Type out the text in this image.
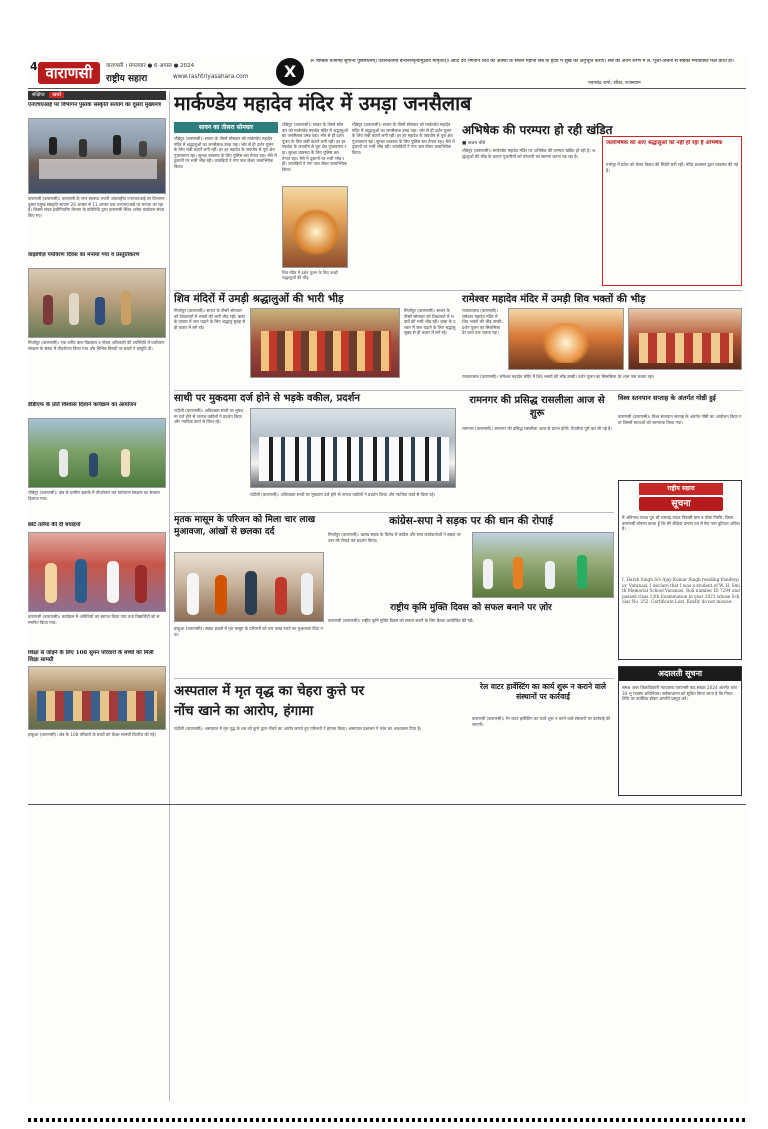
4 वाराणसी	वाराणसी । मंगलवार ● 6 अगस्त ● 2024
राष्ट्रीय सहारा	www.rashtriyasahara.com	X
ॐ त्र्यम्बकं यजामहे सुगन्धिं पुष्टिवर्धनम्। उर्वारुकमिव बन्धनान्मृत्योर्मुक्षीय मामृतात्॥ आदि देव भगवान शिव की आस्था के सावन महीना सब के हृदय में सुख की अनुभूति कराए। सब को अपने शरण में लें, पूजा-अर्चना से सबको मनवांछित फल प्राप्त हो।
पवनचंद्र शर्मा, सीठा, राजस्थान
संक्षिप्त खबरें
एनएचएआई पर विभागन पुस्तक संस्कृति सत्याग का दूसरा मुख्यमंत्र
वाराणसी (वाराणसी)। वाराणसी के नगर स्वास्थ्य भवनी आंतराष्ट्रीय एनएचएआई पर विभागन दूसरा प्रमुख संस्कृति सत्याग 26 अगस्त से 11 अगस्त तक एनएचएआई पर मनाया जा रहा है। जिसमें संपन्न इंजीनियरिंग विभाग के प्रतिनिधि द्वारा वाराणसी स्थित अनेक कार्यक्रम संपन्न किए गए।
वाइडचेंज़ पर्यावरण दिवस का मनाया गया व प्रस्तुतिकरण
मिर्जापुर (वाराणसी)। एक वनीय बाल विद्यालय व नोडल अधिकारी की उपस्थिति में पर्यावरण संरक्षण के संबंध में पौधरोपण किया गया और विभिन्न विषयों पर बच्चों ने प्रस्तुति दी।
डीडीएफ के प्रति विश्वास दिलाने कार्यक्रम का आयोजन
चौबेपुर (वाराणसी)। क्षेत्र के ग्रामीण इलाके में पौधरोपण कर पर्यावरण संरक्षण का संकल्प दिलाया गया।
छोटे तलैया की दी बधाइयाँ
वाराणसी (वाराणसी)। कार्यक्रम में अतिथियों का स्वागत किया गया तथा विद्यार्थियों को सम्मानित किया गया।
शिक्षा से जोड़ने के लिए 108 सुमन परिवारों के बच्चों को मिली शिक्षा सामग्री
हरहुआ (वाराणसी)। क्षेत्र के 108 परिवारों के बच्चों को शिक्षा सामग्री वितरित की गई।
मार्कण्डेय महादेव मंदिर में उमड़ा जनसैलाब
सावन का तीसरा सोमवार
चौबेपुर (वाराणसी)। सावन के तीसरे सोमवार को मार्कण्डेय महादेव मंदिर में श्रद्धालुओं का जनसैलाब उमड़ पड़ा। भोर से ही दर्शन पूजन के लिए लंबी कतारें लगी रहीं। हर हर महादेव के जयघोष से पूरा क्षेत्र गुंजायमान रहा। सुरक्षा व्यवस्था के लिए पुलिस बल तैनात रहा। मेले में दुकानों पर भारी भीड़ रही। कांवड़ियों ने गंगा जल लेकर जलाभिषेक किया।
चौबेपुर (वाराणसी)। सावन के तीसरे सोमवार को मार्कण्डेय महादेव मंदिर में श्रद्धालुओं का जनसैलाब उमड़ पड़ा। भोर से ही दर्शन पूजन के लिए लंबी कतारें लगी रहीं। हर हर महादेव के जयघोष से पूरा क्षेत्र गुंजायमान रहा। सुरक्षा व्यवस्था के लिए पुलिस बल तैनात रहा। मेले में दुकानों पर भारी भीड़ रही। कांवड़ियों ने गंगा जल लेकर जलाभिषेक किया।
शिव मंदिर में दर्शन पूजन के लिए उमड़ी श्रद्धालुओं की भीड़
चौबेपुर (वाराणसी)। सावन के तीसरे सोमवार को मार्कण्डेय महादेव मंदिर में श्रद्धालुओं का जनसैलाब उमड़ पड़ा। भोर से ही दर्शन पूजन के लिए लंबी कतारें लगी रहीं। हर हर महादेव के जयघोष से पूरा क्षेत्र गुंजायमान रहा। सुरक्षा व्यवस्था के लिए पुलिस बल तैनात रहा। मेले में दुकानों पर भारी भीड़ रही। कांवड़ियों ने गंगा जल लेकर जलाभिषेक किया।
अभिषेक की परम्परा हो रही खंडित
■ अजय चौबे
चौबेपुर (वाराणसी)। मार्कण्डेय महादेव मंदिर पर अभिषेक की परम्परा खंडित हो रही है। श्रद्धालुओं की भीड़ के कारण पुजारियों को परेशानी का सामना करना पड़ रहा है।
जलाभिषेक को आए श्रद्धालुओं को नहीं हो रहा है अभिषेक
गर्भगृह में प्रवेश को लेकर विवाद की स्थिति बनी रही। मंदिर प्रशासन द्वारा व्यवस्था की गई है।
शिव मंदिरों में उमड़ी श्रद्धालुओं की भारी भीड़
मिर्जापुर (वाराणसी)। सावन के तीसरे सोमवार को शिवालयों में भक्तों की भारी भीड़ रही। बाबा के दरबार में जल चढ़ाने के लिए श्रद्धालु सुबह से ही कतार में लगे रहे।
मिर्जापुर (वाराणसी)। सावन के तीसरे सोमवार को शिवालयों में भक्तों की भारी भीड़ रही। बाबा के दरबार में जल चढ़ाने के लिए श्रद्धालु सुबह से ही कतार में लगे रहे।
रामेश्वर महादेव मंदिर में उमड़ी शिव भक्तों की भीड़
राजातालाब (वाराणसी)। रामेश्वर महादेव मंदिर में शिव भक्तों की भीड़ उमड़ी। दर्शन पूजन का सिलसिला देर शाम तक चलता रहा।
राजातालाब (वाराणसी)। रामेश्वर महादेव मंदिर में शिव भक्तों की भीड़ उमड़ी। दर्शन पूजन का सिलसिला देर शाम तक चलता रहा।
साथी पर मुकदमा दर्ज होने से भड़के वकील, प्रदर्शन
चंदौली (वाराणसी)। अधिवक्ता साथी पर मुकदमा दर्ज होने से नाराज वकीलों ने प्रदर्शन किया और न्यायिक कार्य से विरत रहे।
चंदौली (वाराणसी)। अधिवक्ता साथी पर मुकदमा दर्ज होने से नाराज वकीलों ने प्रदर्शन किया और न्यायिक कार्य से विरत रहे।
रामनगर की प्रसिद्ध रासलीला आज से शुरू
रामनगर (वाराणसी)। रामनगर की प्रसिद्ध रासलीला आज से प्रारंभ होगी। तैयारियां पूरी कर ली गई हैं।
विश्व स्तनपान सप्ताह के अंतर्गत गोष्ठी हुई
वाराणसी (वाराणसी)। विश्व स्तनपान सप्ताह के अंतर्गत गोष्ठी का आयोजन किया गया जिसमें माताओं को जागरूक किया गया।
राष्ट्रीय सहारा
सूचना
मैं अविनाश यादव पुत्र श्री रामचंद्र यादव निवासी ग्राम व पोस्ट पिसौर, जिला वाराणसी घोषणा करता हूँ कि मेरे शैक्षिक प्रमाण पत्र में मेरा नाम त्रुटिवश अंकित है।
I, Harsh Singh S/o Ajay Kumar Singh residing Pandeypur, Varanasi. I declare that I was a student of W. H. Smith Memorial School Varanasi, Roll number ID 7294 and passed class 12th Examination in year 2023 whose Scholar No. 252. Certificate Lost. Kindly do not misuse.
अदालती सूचना
समक्ष अपर जिलाधिकारी न्यायालय वाराणसी वाद संख्या 2024 अंतर्गत धारा 34 भू राजस्व अधिनियम। सर्वसाधारण को सूचित किया जाता है कि नियत तिथि पर उपस्थित होकर आपत्ति प्रस्तुत करें।
मृतक मासूम के परिजन को मिला चार लाख मुआवजा, आंखों से छलका दर्द
हरहुआ (वाराणसी)। सड़क हादसे में मृत मासूम के परिजनों को चार लाख रुपये का मुआवजा दिया गया।
कांग्रेस-सपा ने सड़क पर की धान की रोपाई
मिर्जापुर (वाराणसी)। खराब सड़क के विरोध में कांग्रेस और सपा कार्यकर्ताओं ने सड़क पर धान की रोपाई कर प्रदर्शन किया।
राष्ट्रीय कृमि मुक्ति दिवस को सफल बनाने पर ज़ोर
वाराणसी (वाराणसी)। राष्ट्रीय कृमि मुक्ति दिवस को सफल बनाने के लिए बैठक आयोजित की गई।
अस्पताल में मृत वृद्ध का चेहरा कुत्ते पर
नोंच खाने का आरोप, हंगामा
चंदौली (वाराणसी)। अस्पताल में मृत वृद्ध के शव को कुत्ते द्वारा नोंचने का आरोप लगाते हुए परिजनों ने हंगामा किया। अस्पताल प्रशासन ने जांच का आश्वासन दिया है।
रेल वाटर हार्वेस्टिंग का कार्य शुरू न कराने वाले संस्थानों पर कार्रवाई
वाराणसी (वाराणसी)। रेन वाटर हार्वेस्टिंग का कार्य शुरू न करने वाले संस्थानों पर कार्रवाई की जाएगी।
